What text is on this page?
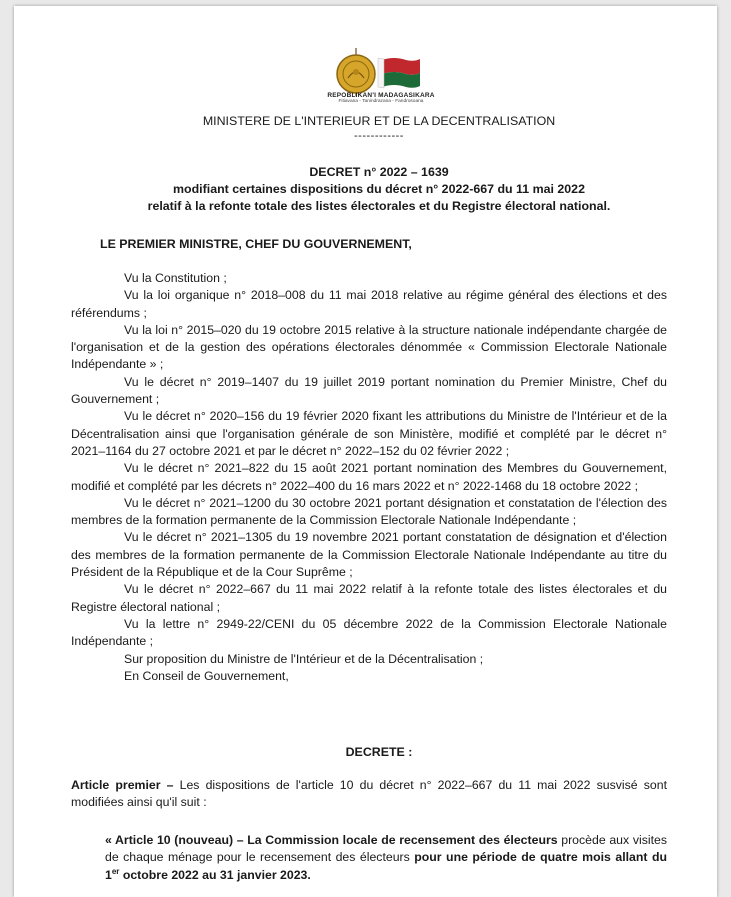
REPOBLIKAN'I MADAGASIKARA
Fitiavana - Tanindrazana - Fandrosoana
MINISTERE DE L'INTERIEUR ET DE LA DECENTRALISATION
------------
DECRET n° 2022 – 1639
modifiant certaines dispositions du décret n° 2022-667 du 11 mai 2022
relatif à la refonte totale des listes électorales et du Registre électoral national.
LE PREMIER MINISTRE, CHEF DU GOUVERNEMENT,

Vu la Constitution ;

Vu la loi organique n° 2018–008 du 11 mai 2018 relative au régime général des élections et des référendums ;

Vu la loi n° 2015–020 du 19 octobre 2015 relative à la structure nationale indépendante chargée de l'organisation et de la gestion des opérations électorales dénommée « Commission Electorale Nationale Indépendante » ;

Vu le décret n° 2019–1407 du 19 juillet 2019 portant nomination du Premier Ministre, Chef du Gouvernement ;

Vu le décret n° 2020–156 du 19 février 2020 fixant les attributions du Ministre de l'Intérieur et de la Décentralisation ainsi que l'organisation générale de son Ministère, modifié et complété par le décret n° 2021–1164 du 27 octobre 2021 et par le décret n° 2022–152 du 02 février 2022 ;

Vu le décret n° 2021–822 du 15 août 2021 portant nomination des Membres du Gouvernement, modifié et complété par les décrets n° 2022–400 du 16 mars 2022 et n° 2022-1468 du 18 octobre 2022 ;

Vu le décret n° 2021–1200 du 30 octobre 2021 portant désignation et constatation de l'élection des membres de la formation permanente de la Commission Electorale Nationale Indépendante ;

Vu le décret n° 2021–1305 du 19 novembre 2021 portant constatation de désignation et d'élection des membres de la formation permanente de la Commission Electorale Nationale Indépendante au titre du Président de la République et de la Cour Suprême ;

Vu le décret n° 2022–667 du 11 mai 2022 relatif à la refonte totale des listes électorales et du Registre électoral national ;

Vu la lettre n° 2949-22/CENI du 05 décembre 2022 de la Commission Electorale Nationale Indépendante ;

Sur proposition du Ministre de l'Intérieur et de la Décentralisation ;

En Conseil de Gouvernement,

DECRETE :
Article premier – Les dispositions de l'article 10 du décret n° 2022–667 du 11 mai 2022 susvisé sont modifiées ainsi qu'il suit :
« Article 10 (nouveau) – La Commission locale de recensement des électeurs procède aux visites de chaque ménage pour le recensement des électeurs pour une période de quatre mois allant du 1er octobre 2022 au 31 janvier 2023.
